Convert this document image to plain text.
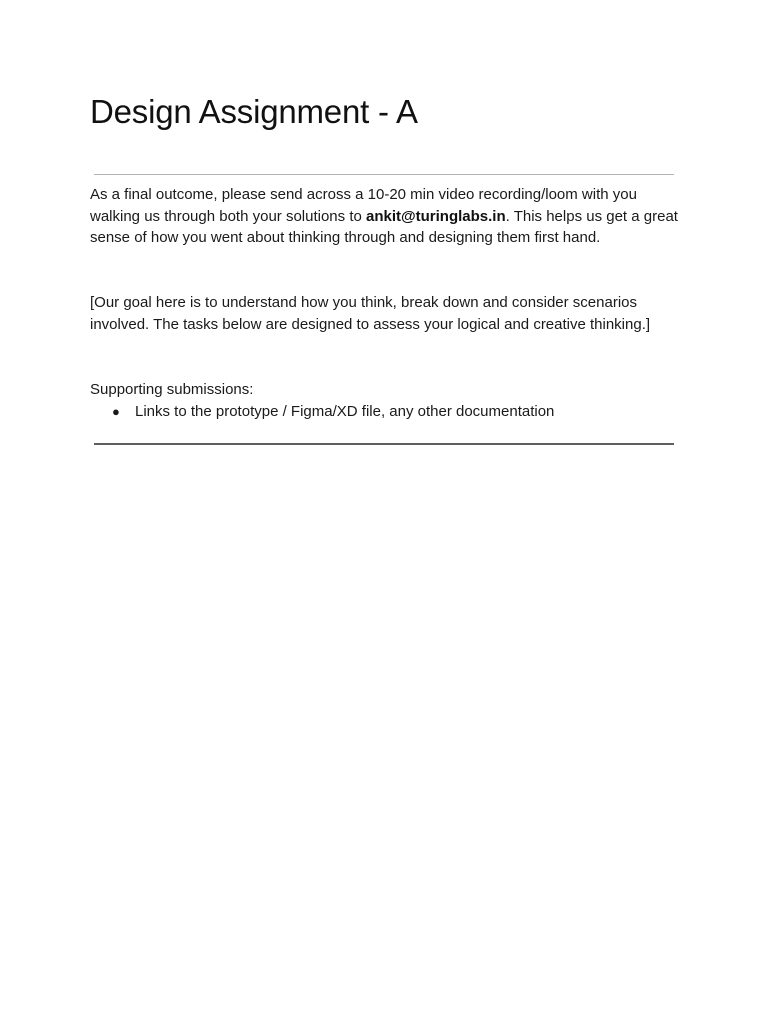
Design Assignment - A

As a final outcome, please send across a 10-20 min video recording/loom with you walking us through both your solutions to ankit@turinglabs.in. This helps us get a great sense of how you went about thinking through and designing them first hand.

[Our goal here is to understand how you think, break down and consider scenarios involved. The tasks below are designed to assess your logical and creative thinking.]

Supporting submissions:
● Links to the prototype / Figma/XD file, any other documentation
